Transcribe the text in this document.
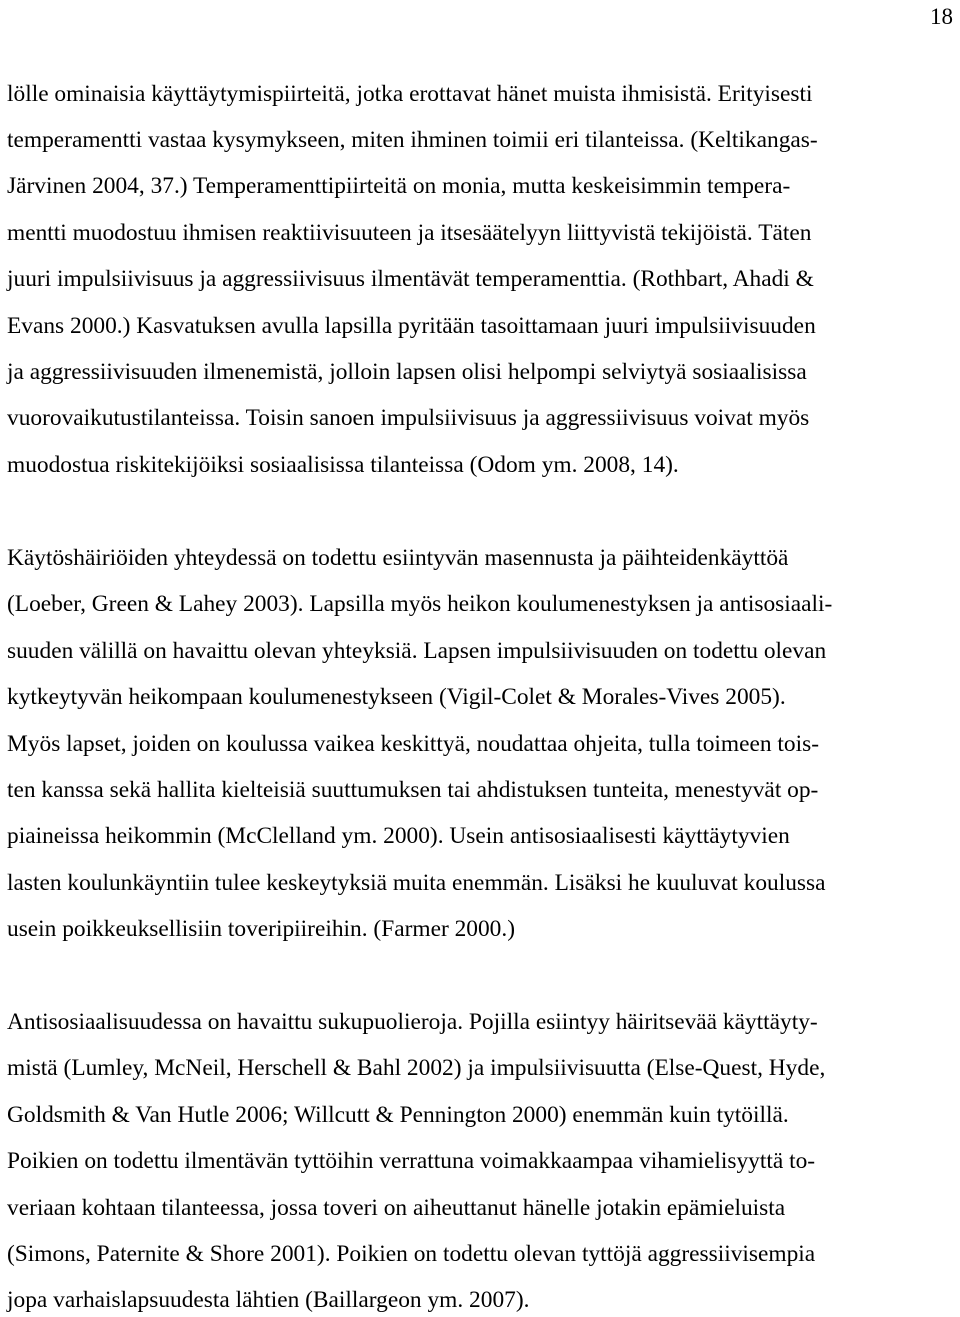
18
lölle ominaisia käyttäytymispiirteitä, jotka erottavat hänet muista ihmisistä. Erityisesti
temperamentti vastaa kysymykseen, miten ihminen toimii eri tilanteissa. (Keltikangas-
Järvinen 2004, 37.) Temperamenttipiirteitä on monia, mutta keskeisimmin tempera-
mentti muodostuu ihmisen reaktiivisuuteen ja itsesäätelyyn liittyvistä tekijöistä. Täten
juuri impulsiivisuus ja aggressiivisuus ilmentävät temperamenttia. (Rothbart, Ahadi &
Evans 2000.) Kasvatuksen avulla lapsilla pyritään tasoittamaan juuri impulsiivisuuden
ja aggressiivisuuden ilmenemistä, jolloin lapsen olisi helpompi selviytyä sosiaalisissa
vuorovaikutustilanteissa. Toisin sanoen impulsiivisuus ja aggressiivisuus voivat myös
muodostua riskitekijöiksi sosiaalisissa tilanteissa (Odom ym. 2008, 14).
Käytöshäiriöiden yhteydessä on todettu esiintyvän masennusta ja päihteidenkäyttöä
(Loeber, Green & Lahey 2003). Lapsilla myös heikon koulumenestyksen ja antisosiaali-
suuden välillä on havaittu olevan yhteyksiä. Lapsen impulsiivisuuden on todettu olevan
kytkeytyvän heikompaan koulumenestykseen (Vigil-Colet & Morales-Vives 2005).
Myös lapset, joiden on koulussa vaikea keskittyä, noudattaa ohjeita, tulla toimeen tois-
ten kanssa sekä hallita kielteisiä suuttumuksen tai ahdistuksen tunteita, menestyvät op-
piaineissa heikommin (McClelland ym. 2000). Usein antisosiaalisesti käyttäytyvien
lasten koulunkäyntiin tulee keskeytyksiä muita enemmän. Lisäksi he kuuluvat koulussa
usein poikkeuksellisiin toveripiireihin. (Farmer 2000.)
Antisosiaalisuudessa on havaittu sukupuolieroja. Pojilla esiintyy häiritsevää käyttäyty-
mistä (Lumley, McNeil, Herschell & Bahl 2002) ja impulsiivisuutta (Else-Quest, Hyde,
Goldsmith & Van Hutle 2006; Willcutt & Pennington 2000) enemmän kuin tytöillä.
Poikien on todettu ilmentävän tyttöihin verrattuna voimakkaampaa vihamielisyyttä to-
veriaan kohtaan tilanteessa, jossa toveri on aiheuttanut hänelle jotakin epämieluista
(Simons, Paternite & Shore 2001). Poikien on todettu olevan tyttöjä aggressiivisempia
jopa varhaislapsuudesta lähtien (Baillargeon ym. 2007).
